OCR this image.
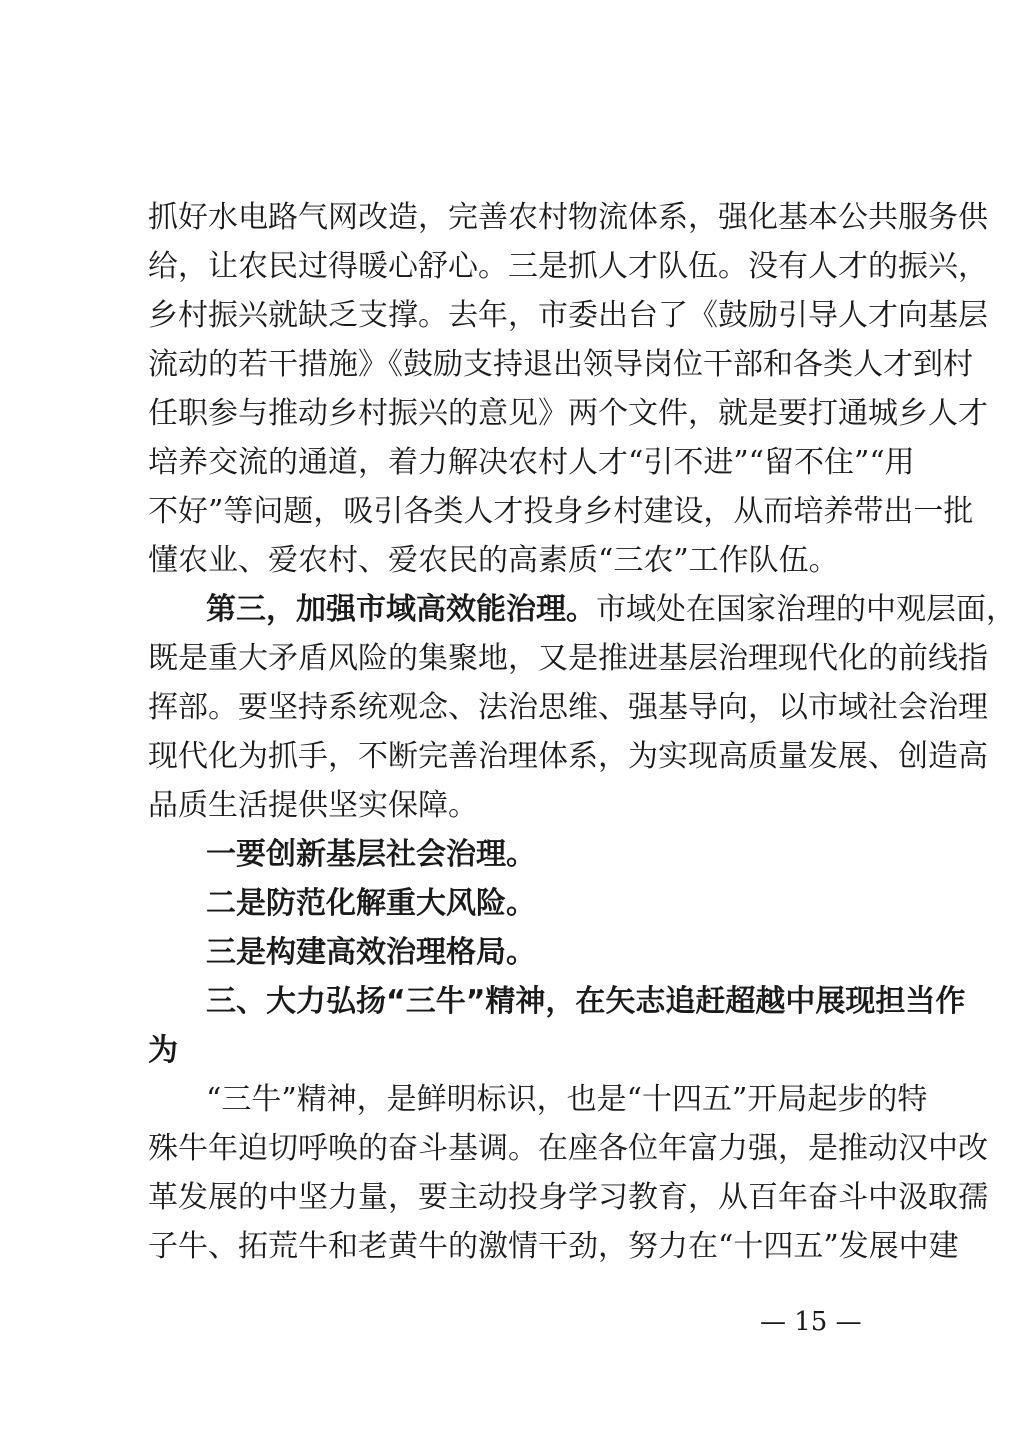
抓好水电路气网改造，完善农村物流体系，强化基本公共服务供
给，让农民过得暖心舒心。三是抓人才队伍。没有人才的振兴，
乡村振兴就缺乏支撑。去年，市委出台了《鼓励引导人才向基层
流动的若干措施》《鼓励支持退出领导岗位干部和各类人才到村
任职参与推动乡村振兴的意见》两个文件，就是要打通城乡人才
培养交流的通道，着力解决农村人才“引不进”“留不住”“用
不好”等问题，吸引各类人才投身乡村建设，从而培养带出一批
懂农业、爱农村、爱农民的高素质“三农”工作队伍。
第三，加强市域高效能治理。市域处在国家治理的中观层面，
既是重大矛盾风险的集聚地，又是推进基层治理现代化的前线指
挥部。要坚持系统观念、法治思维、强基导向，以市域社会治理
现代化为抓手，不断完善治理体系，为实现高质量发展、创造高
品质生活提供坚实保障。
一要创新基层社会治理。
二是防范化解重大风险。
三是构建高效治理格局。
三、大力弘扬“三牛”精神，在矢志追赶超越中展现担当作
为
“三牛”精神，是鲜明标识，也是“十四五”开局起步的特
殊牛年迫切呼唤的奋斗基调。在座各位年富力强，是推动汉中改
革发展的中坚力量，要主动投身学习教育，从百年奋斗中汲取孺
子牛、拓荒牛和老黄牛的激情干劲，努力在“十四五”发展中建
— 15 —
